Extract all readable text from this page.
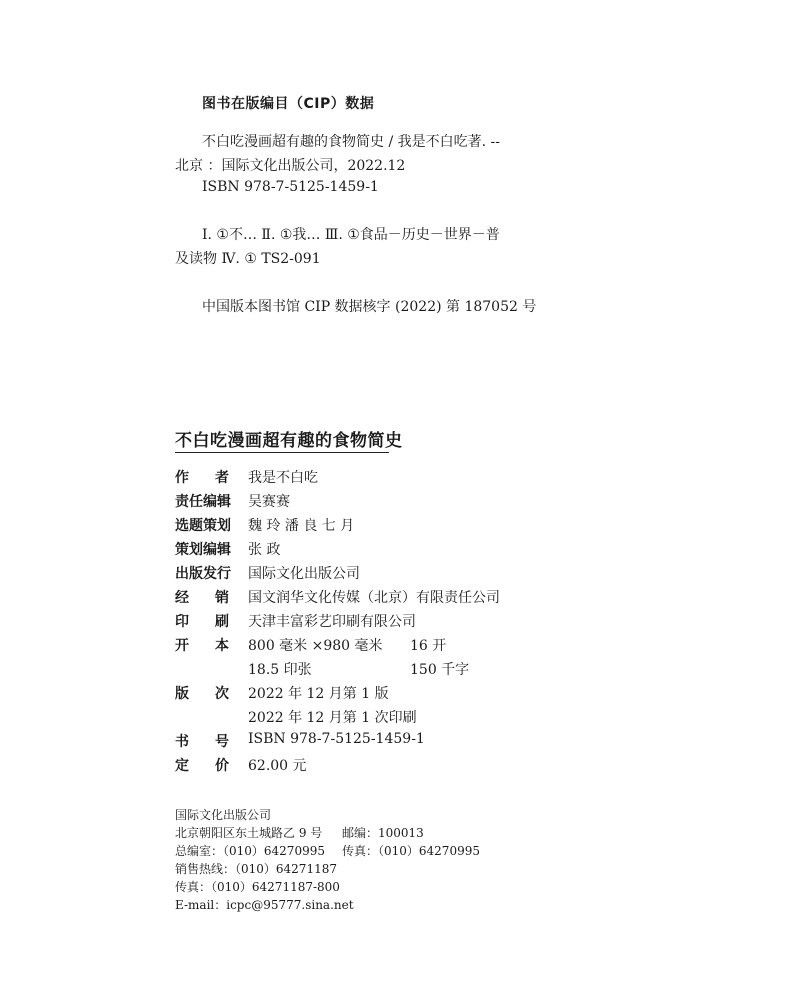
图书在版编目（CIP）数据
不白吃漫画超有趣的食物简史 / 我是不白吃著. --
北京 ：国际文化出版公司，2022.12
ISBN 978-7-5125-1459-1
Ⅰ. ①不… Ⅱ. ①我… Ⅲ. ①食品－历史－世界－普
及读物 Ⅳ. ① TS2-091
中国版本图书馆 CIP 数据核字 (2022) 第 187052 号
不白吃漫画超有趣的食物简史
作 者 我是不白吃
责 任 编 辑 吴赛赛
选 题 策 划 魏 玲 潘 良 七 月
策 划 编 辑 张 政
出 版 发 行 国际文化出版公司
经 销 国文润华文化传媒（北京）有限责任公司
印 刷 天津丰富彩艺印刷有限公司
开 本 800 毫米 ×980 毫米 16 开
18.5 印张	150 千字
版 次 2022 年 12 月第 1 版
2022 年 12 月第 1 次印刷
书 号 ISBN 978-7-5125-1459-1
定 价 62.00 元
国际文化出版公司
北京朝阳区东土城路乙 9 号 邮编：100013
总编室：（010）64270995 传真：（010）64270995
销售热线：（010）64271187
传真：（010）64271187-800
E-mail：icpc@95777.sina.net
